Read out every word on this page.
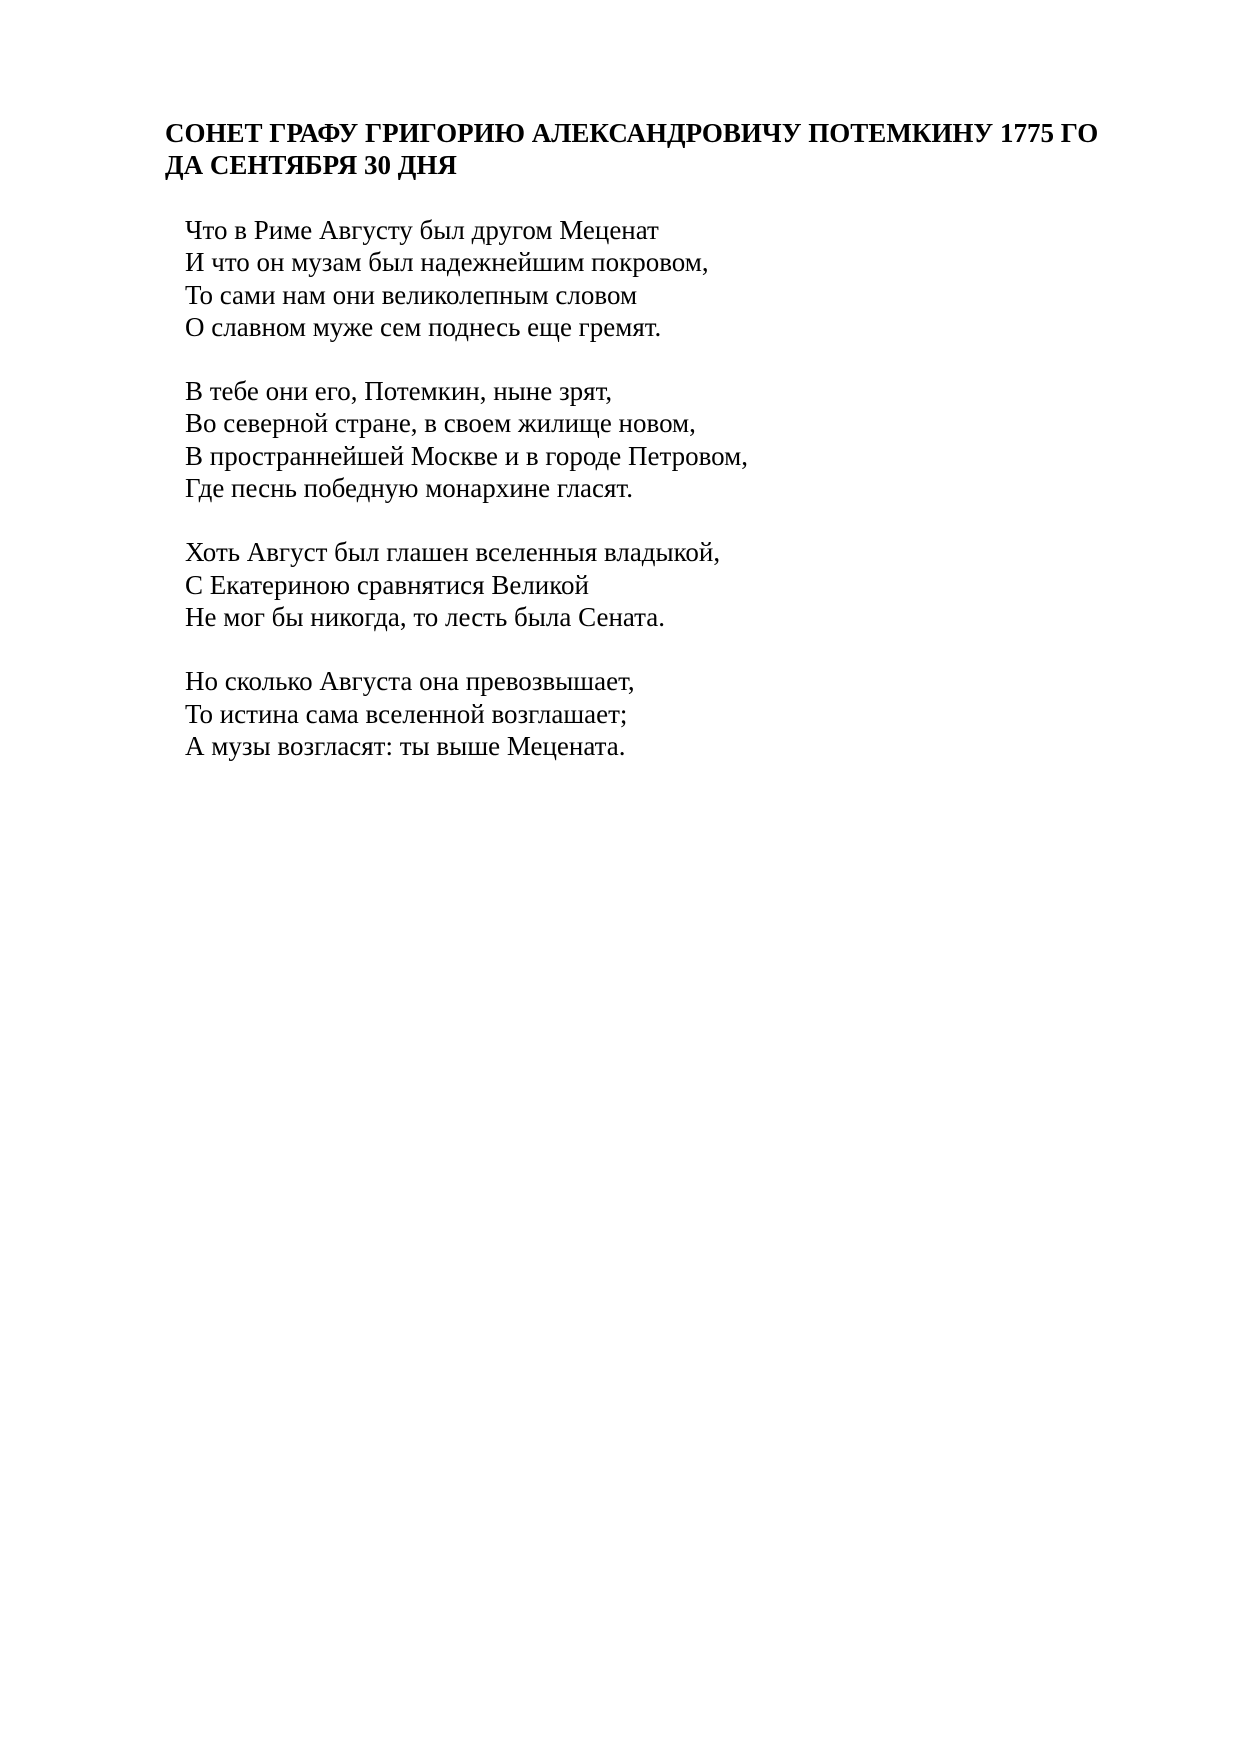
СОНЕТ ГРАФУ ГРИГОРИЮ АЛЕКСАНДРОВИЧУ ПОТЕМКИНУ 1775 ГО
ДА СЕНТЯБРЯ 30 ДНЯ
Что в Риме Августу был другом Меценат
И что он музам был надежнейшим покровом,
То сами нам они великолепным словом
О славном муже сем поднесь еще гремят.
В тебе они его, Потемкин, ныне зрят,
Во северной стране, в своем жилище новом,
В пространнейшей Москве и в городе Петровом,
Где песнь победную монархине гласят.
Хоть Август был глашен вселенныя владыкой,
С Екатериною сравнятися Великой
Не мог бы никогда, то лесть была Сената.
Но сколько Августа она превозвышает,
То истина сама вселенной возглашает;
А музы возгласят: ты выше Мецената.
